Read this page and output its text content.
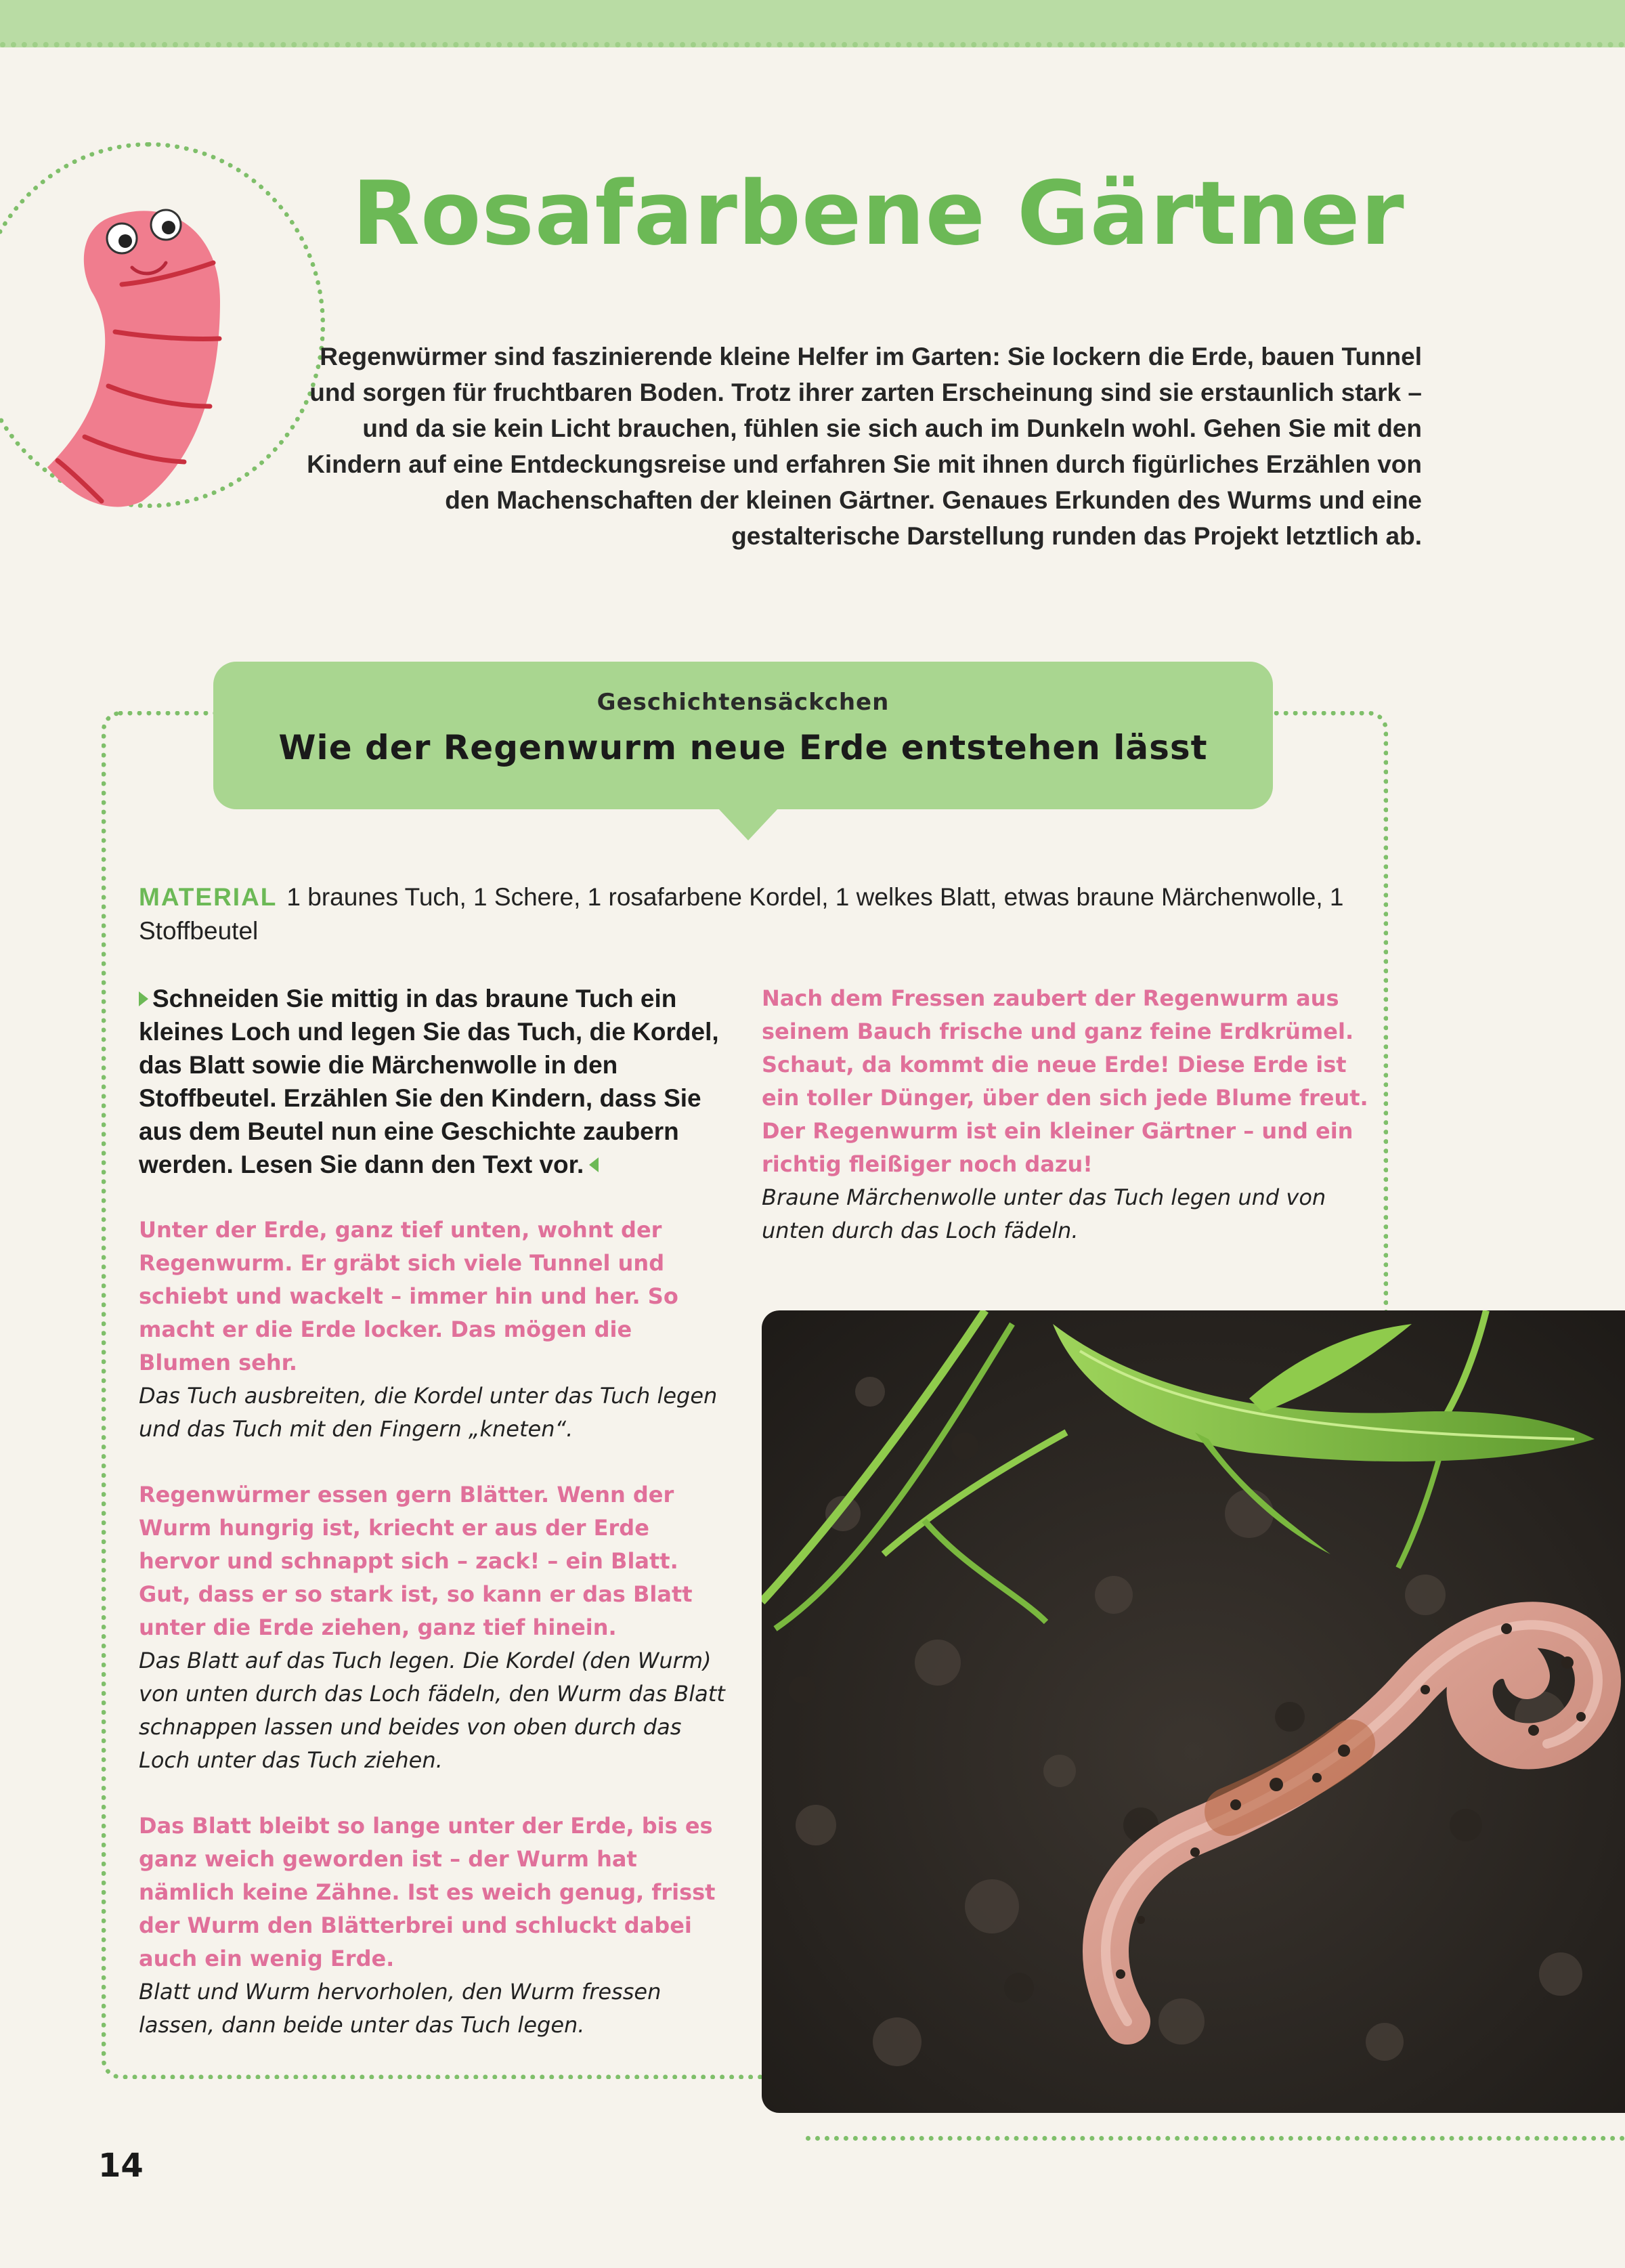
Rosafarbene Gärtner
Regenwürmer sind faszinierende kleine Helfer im Garten: Sie lockern die Erde, bauen Tunnel und sorgen für fruchtbaren Boden. Trotz ihrer zarten Erscheinung sind sie erstaunlich stark – und da sie kein Licht brauchen, fühlen sie sich auch im Dunkeln wohl. Gehen Sie mit den Kindern auf eine Entdeckungsreise und erfahren Sie mit ihnen durch figürliches Erzählen von den Machenschaften der kleinen Gärtner. Genaues Erkunden des Wurms und eine gestalterische Darstellung runden das Projekt letztlich ab.
Geschichtensäckchen
Wie der Regenwurm neue Erde entstehen lässt
MATERIAL 1 braunes Tuch, 1 Schere, 1 rosafarbene Kordel, 1 welkes Blatt, etwas braune Märchenwolle, 1 Stoffbeutel

Schneiden Sie mittig in das braune Tuch ein kleines Loch und legen Sie das Tuch, die Kordel, das Blatt sowie die Märchenwolle in den Stoffbeutel. Erzählen Sie den Kindern, dass Sie aus dem Beutel nun eine Geschichte zaubern werden. Lesen Sie dann den Text vor.

Unter der Erde, ganz tief unten, wohnt der Regenwurm. Er gräbt sich viele Tunnel und schiebt und wackelt – immer hin und her. So macht er die Erde locker. Das mögen die Blumen sehr.

Das Tuch ausbreiten, die Kordel unter das Tuch legen und das Tuch mit den Fingern „kneten“.

Regenwürmer essen gern Blätter. Wenn der Wurm hungrig ist, kriecht er aus der Erde hervor und schnappt sich – zack! – ein Blatt. Gut, dass er so stark ist, so kann er das Blatt unter die Erde ziehen, ganz tief hinein.

Das Blatt auf das Tuch legen. Die Kordel (den Wurm) von unten durch das Loch fädeln, den Wurm das Blatt schnappen lassen und beides von oben durch das Loch unter das Tuch ziehen.

Das Blatt bleibt so lange unter der Erde, bis es ganz weich geworden ist – der Wurm hat nämlich keine Zähne. Ist es weich genug, frisst der Wurm den Blätterbrei und schluckt dabei auch ein wenig Erde.

Blatt und Wurm hervorholen, den Wurm fressen lassen, dann beide unter das Tuch legen.

Nach dem Fressen zaubert der Regenwurm aus seinem Bauch frische und ganz feine Erdkrümel. Schaut, da kommt die neue Erde! Diese Erde ist ein toller Dünger, über den sich jede Blume freut. Der Regenwurm ist ein kleiner Gärtner – und ein richtig fleißiger noch dazu!

Braune Märchenwolle unter das Tuch legen und von unten durch das Loch fädeln.

14
